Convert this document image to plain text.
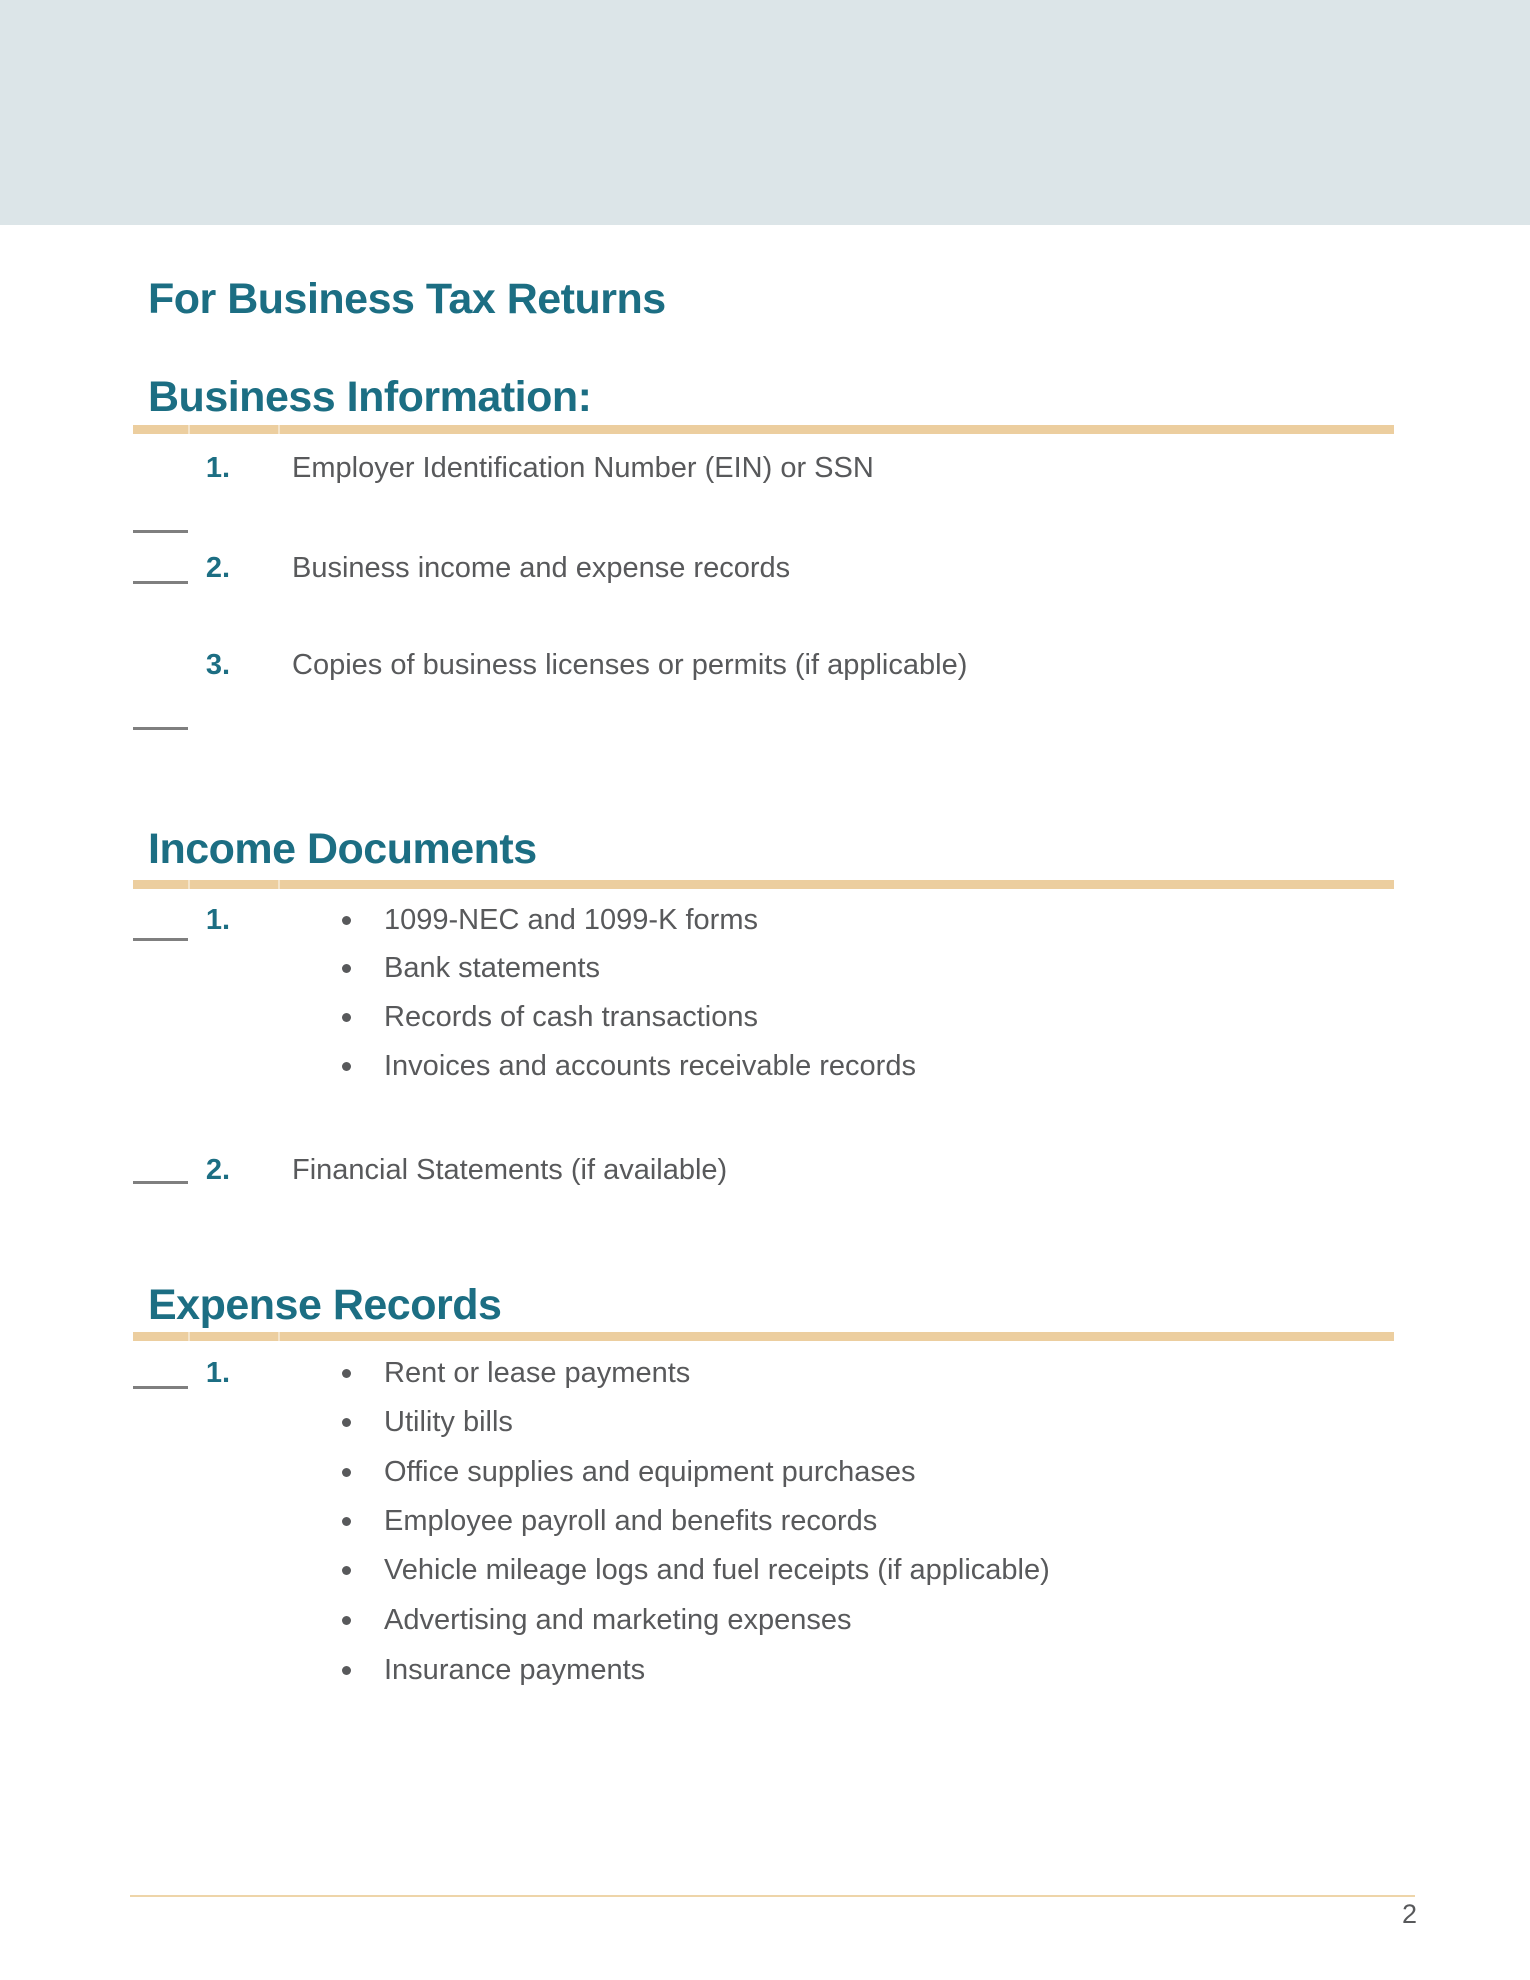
For Business Tax Returns
Business Information:
1. Employer Identification Number (EIN) or SSN
2. Business income and expense records
3. Copies of business licenses or permits (if applicable)
Income Documents
1.	1099-NEC and 1099-K forms
Bank statements
Records of cash transactions
Invoices and accounts receivable records
2. Financial Statements (if available)
Expense Records
1.	Rent or lease payments
Utility bills
Office supplies and equipment purchases
Employee payroll and benefits records
Vehicle mileage logs and fuel receipts (if applicable)
Advertising and marketing expenses
Insurance payments
2
